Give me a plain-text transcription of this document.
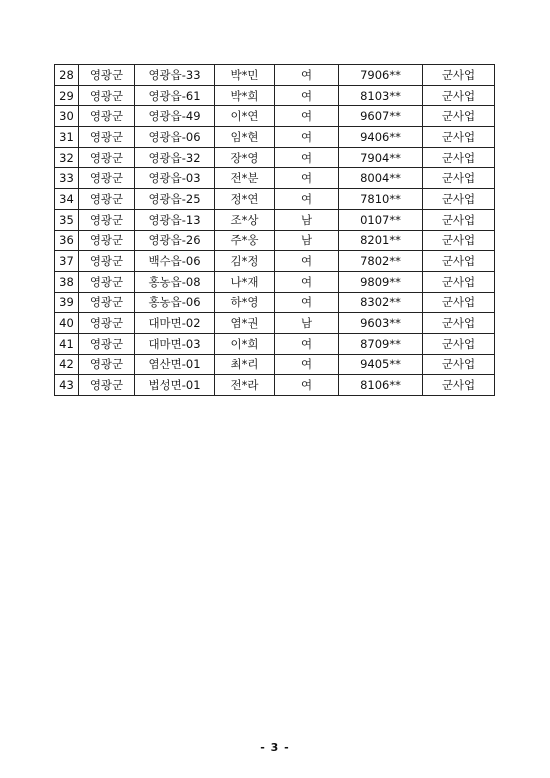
28	영광군	영광읍-33	박*민	여	7906**	군사업
29	영광군	영광읍-61	박*희	여	8103**	군사업
30	영광군	영광읍-49	이*연	여	9607**	군사업
31	영광군	영광읍-06	임*현	여	9406**	군사업
32	영광군	영광읍-32	장*영	여	7904**	군사업
33	영광군	영광읍-03	전*분	여	8004**	군사업
34	영광군	영광읍-25	정*연	여	7810**	군사업
35	영광군	영광읍-13	조*상	남	0107**	군사업
36	영광군	영광읍-26	주*웅	남	8201**	군사업
37	영광군	백수읍-06	김*정	여	7802**	군사업
38	영광군	홍농읍-08	나*재	여	9809**	군사업
39	영광군	홍농읍-06	하*영	여	8302**	군사업
40	영광군	대마면-02	염*권	남	9603**	군사업
41	영광군	대마면-03	이*희	여	8709**	군사업
42	영광군	염산면-01	최*리	여	9405**	군사업
43	영광군	법성면-01	전*라	여	8106**	군사업
- 3 -
